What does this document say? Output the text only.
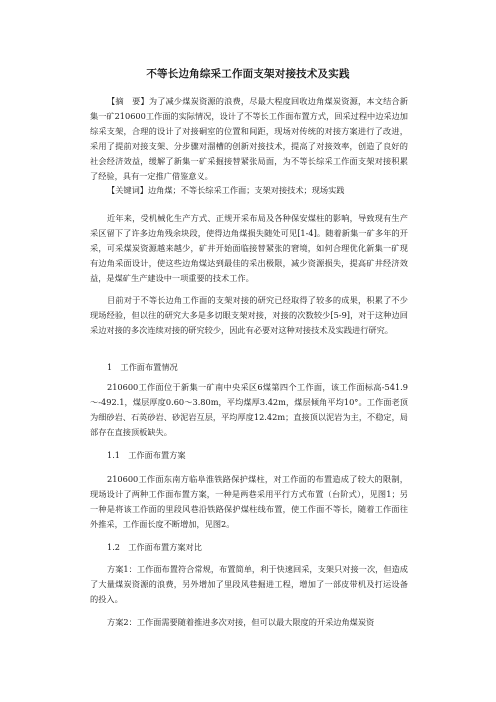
不等长边角综采工作面支架对接技术及实践

【摘　要】为了减少煤炭资源的浪费，尽最大程度回收边角煤炭资源，本文结合新集一矿210600工作面的实际情况，设计了不等长工作面布置方式，回采过程中边采边加综采支架，合理的设计了对接硐室的位置和间距，现场对传统的对接方案进行了改进，采用了提前对接支架、分步骤对溜槽的创新对接技术，提高了对接效率，创造了良好的社会经济效益，缓解了新集一矿采掘接替紧张局面，为不等长综采工作面支架对接积累了经验，具有一定推广借鉴意义。

【关键词】边角煤；不等长综采工作面；支架对接技术；现场实践

近年来，受机械化生产方式、正规开采布局及各种保安煤柱的影响，导致现有生产采区留下了许多边角残余块段，使得边角煤损失随处可见[1-4]。随着新集一矿多年的开采，可采煤炭资源越来越少，矿井开始面临接替紧张的窘境，如何合理优化新集一矿现有边角采面设计，使这些边角煤达到最佳的采出极限，减少资源损失，提高矿井经济效益，是煤矿生产建设中一项重要的技术工作。

目前对于不等长边角工作面的支架对接的研究已经取得了较多的成果，积累了不少现场经验，但以往的研究大多是多切眼支架对接，对接的次数较少[5-9]，对于这种边回采边对接的多次连续对接的研究较少，因此有必要对这种对接技术及实践进行研究。

1　工作面布置情况

210600工作面位于新集一矿南中央采区6煤第四个工作面，该工作面标高-541.9～-492.1，煤层厚度0.60～3.80m，平均煤厚3.42m，煤层倾角平均10°。工作面老顶为细砂岩、石英砂岩、砂泥岩互层，平均厚度12.42m；直接顶以泥岩为主，不稳定，局部存在直接顶板缺失。

1.1　工作面布置方案

210600工作面东南方临阜淮铁路保护煤柱，对工作面的布置造成了较大的限制，现场设计了两种工作面布置方案，一种是两巷采用平行方式布置（台阶式），见图1；另一种是将该工作面的里段风巷沿铁路保护煤柱线布置，使工作面不等长，随着工作面往外推采，工作面长度不断增加，见图2。

1.2　工作面布置方案对比

方案1：工作面布置符合常规，布置简单，利于快速回采，支架只对接一次，但造成了大量煤炭资源的浪费，另外增加了里段风巷掘进工程，增加了一部皮带机及打运设备的投入。

方案2：工作面需要随着推进多次对接，但可以最大限度的开采边角煤炭资
